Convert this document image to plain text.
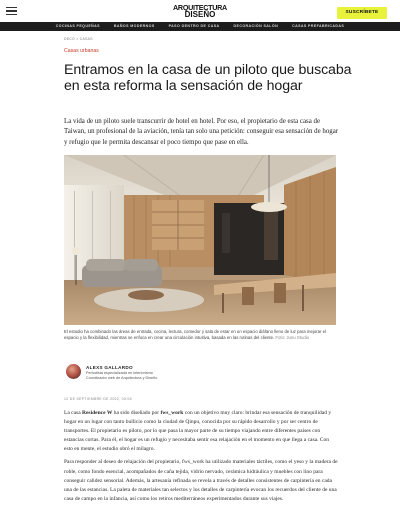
ARQUITECTURA
DISEÑO	SUSCRÍBETE
COCINAS PEQUEÑAS	BAÑOS MODERNOS	PASO DENTRO DE CASA	DECORACIÓN SALÓN	CASAS PREFABRICADAS
DECO > CASAS
Casas urbanas
Entramos en la casa de un piloto que buscaba en esta reforma la sensación de hogar

La vida de un piloto suele transcurrir de hotel en hotel. Por eso, el propietario de esta casa de Taiwan, un profesional de la aviación, tenía tan solo una petición: conseguir esa sensación de hogar y refugio que le permita descansar el poco tiempo que pase en ella.

El estudio ha combinado las áreas de entrada, cocina, lectura, comedor y sala de estar en un espacio diáfano lleno de luz para mejorar el espacio y la flexibilidad, mientras se enfoca en crear una circulación intuitiva, basada en las rutinas del cliente. Foto: Junu Studio
ALEXS GALLARDO
Periodista especializada en interiorismo
Coordinador web de Arquitectura y Diseño
12 DE SEPTIEMBRE DE 2022, 00:06

La casa Residence W ha sido diseñado por fws_work con un objetivo muy claro: brindar esa sensación de tranquilidad y hogar en un lugar con tanto bullicio como la ciudad de Qinpu, conocida por su rápido desarrollo y por ser centro de transportes. El propietario es piloto, por lo que pasa la mayor parte de su tiempo viajando entre diferentes países con estancias cortas. Para él, el hogar es un refugio y necesitaba sentir esa relajación en el momento en que llega a casa. Con esto en mente, el estudio obró el milagro.

Para responder al deseo de relajación del propietario, fws_work ha utilizado materiales táctiles, como el yeso y la madera de roble, como fondo esencial, acompañados de caña tejida, vidrio nervado, cerámica hidráulica y muebles con lino para conseguir calidez sensorial. Además, la artesanía refinada se revela a través de detalles consistentes de carpintería en cada una de las estancias. La paleta de materiales tan selectos y los detalles de carpintería evocan los recuerdos del cliente de una casa de campo en la infancia, así como los retiros mediterráneos experimentados durante sus viajes.
